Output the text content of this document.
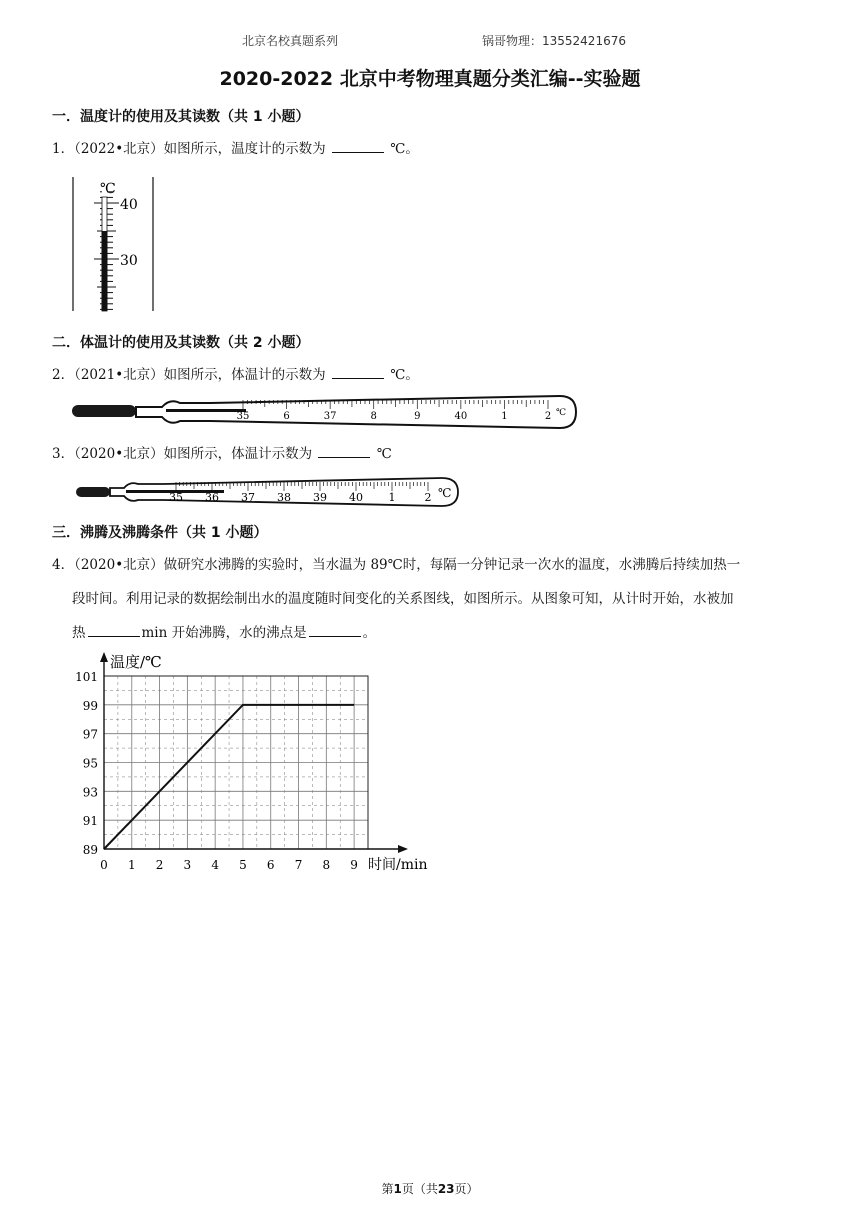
北京名校真题系列	锅哥物理：13552421676
2020-2022 北京中考物理真题分类汇编--实验题
一．温度计的使用及其读数（共 1 小题）
1．（2022•北京）如图所示，温度计的示数为	℃。
℃
40
30
二．体温计的使用及其读数（共 2 小题）
2．（2021•北京）如图所示，体温计的示数为	℃。
35	6	37	8	9	40	1	2 ℃
3．（2020•北京）如图所示，体温计示数为	℃
35 36 37 38 39 40 1	2 ℃
三．沸腾及沸腾条件（共 1 小题）
4．（2020•北京）做研究水沸腾的实验时，当水温为 89℃时，每隔一分钟记录一次水的温度，水沸腾后持续加热一
段时间。利用记录的数据绘制出水的温度随时间变化的关系图线，如图所示。从图象可知，从计时开始，水被加
热	min 开始沸腾，水的沸点是	。
89
91
93
95
97
99
101
0 1 2 3 4 5 6 7 8 9
温度/℃
时间/min
第1页（共23页）
